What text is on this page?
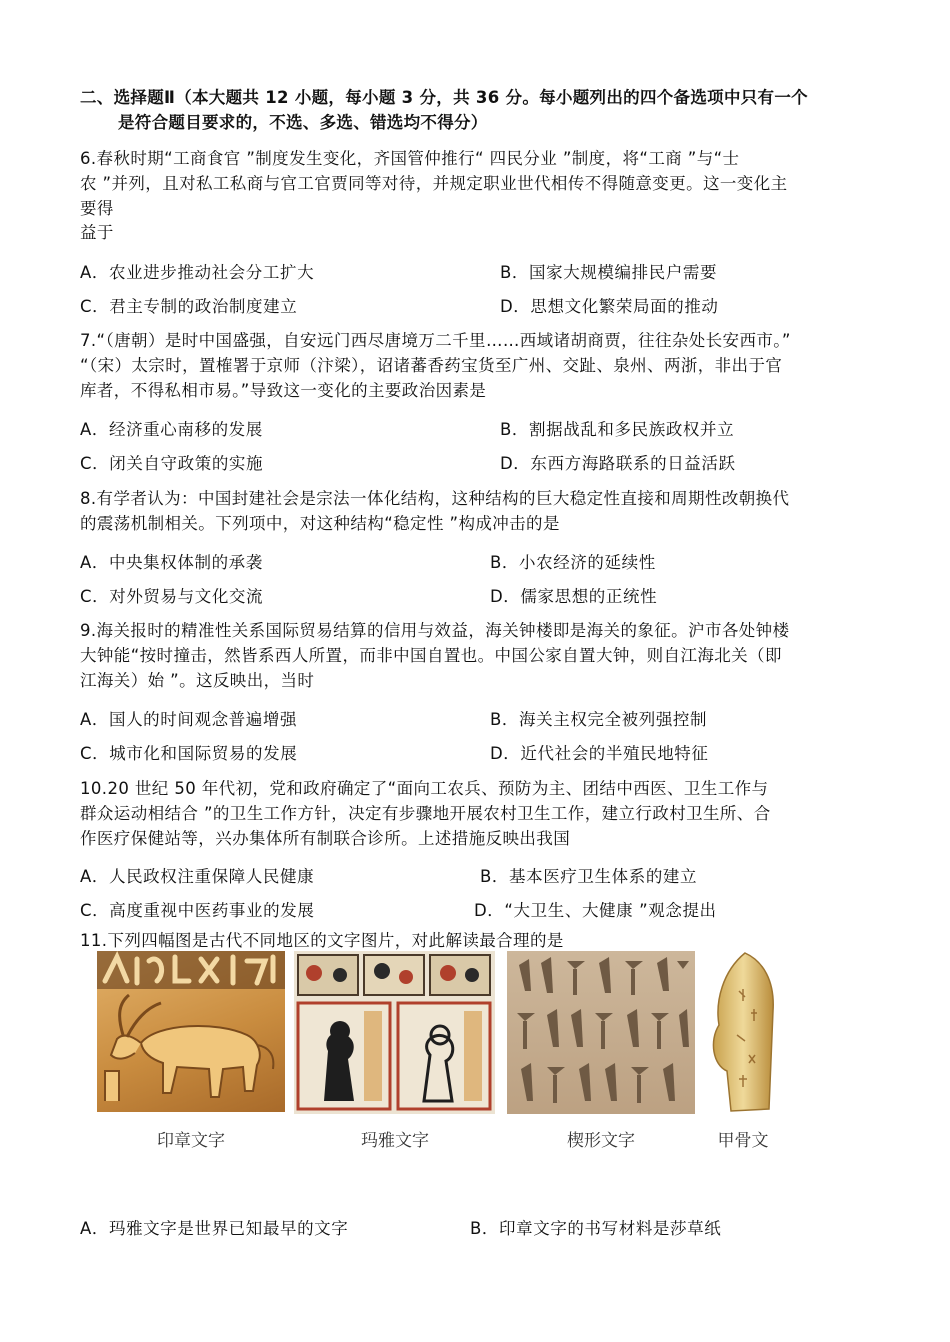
二、选择题Ⅱ（本大题共 12 小题，每小题 3 分，共 36 分。每小题列出的四个备选项中只有一个
是符合题目要求的，不选、多选、错选均不得分）
6.春秋时期“工商食官 ”制度发生变化，齐国管仲推行“ 四民分业 ”制度，将“工商 ”与“士
农 ”并列，且对私工私商与官工官贾同等对待，并规定职业世代相传不得随意变更。这一变化主
要得
益于
A．农业进步推动社会分工扩大	B．国家大规模编排民户需要
C．君主专制的政治制度建立	D．思想文化繁荣局面的推动
7.“（唐朝）是时中国盛强，自安远门西尽唐境万二千里……西域诸胡商贾，往往杂处长安西市。”
“（宋）太宗时，置榷署于京师（汴梁），诏诸蕃香药宝货至广州、交趾、泉州、两浙，非出于官
库者，不得私相市易。”导致这一变化的主要政治因素是
A．经济重心南移的发展	B．割据战乱和多民族政权并立
C．闭关自守政策的实施	D．东西方海路联系的日益活跃
8.有学者认为：中国封建社会是宗法一体化结构，这种结构的巨大稳定性直接和周期性改朝换代
的震荡机制相关。下列项中，对这种结构“稳定性 ”构成冲击的是
A．中央集权体制的承袭	B．小农经济的延续性
C．对外贸易与文化交流	D．儒家思想的正统性
9.海关报时的精准性关系国际贸易结算的信用与效益，海关钟楼即是海关的象征。沪市各处钟楼
大钟能“按时撞击，然皆系西人所置，而非中国自置也。中国公家自置大钟，则自江海北关（即
江海关）始 ”。这反映出，当时
A．国人的时间观念普遍增强	B．海关主权完全被列强控制
C．城市化和国际贸易的发展	D．近代社会的半殖民地特征
10.20 世纪 50 年代初，党和政府确定了“面向工农兵、预防为主、团结中西医、卫生工作与
群众运动相结合 ”的卫生工作方针，决定有步骤地开展农村卫生工作，建立行政村卫生所、合
作医疗保健站等，兴办集体所有制联合诊所。上述措施反映出我国
A．人民政权注重保障人民健康	B．基本医疗卫生体系的建立
C．高度重视中医药事业的发展	D．“大卫生、大健康 ”观念提出
11.下列四幅图是古代不同地区的文字图片，对此解读最合理的是
印章文字	玛雅文字	楔形文字	甲骨文
A．玛雅文字是世界已知最早的文字	B．印章文字的书写材料是莎草纸
